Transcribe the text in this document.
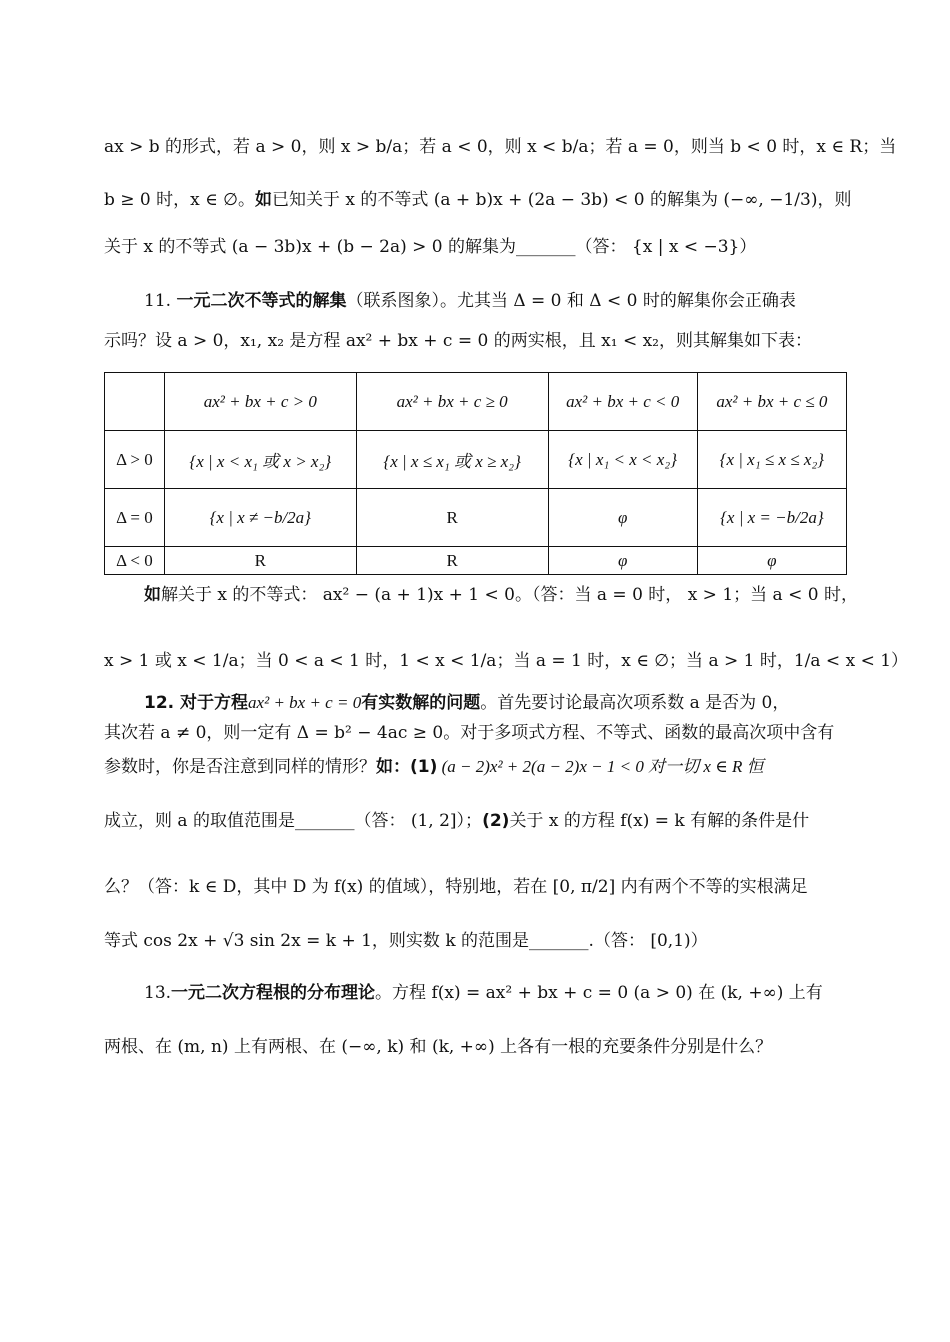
ax > b 的形式，若 a > 0，则 x > b/a；若 a < 0，则 x < b/a；若 a = 0，则当 b < 0 时，x ∈ R；当
b ≥ 0 时，x ∈ ∅。如已知关于 x 的不等式 (a + b)x + (2a − 3b) < 0 的解集为 (−∞, −1/3)，则
关于 x 的不等式 (a − 3b)x + (b − 2a) > 0 的解集为_______（答： {x | x < −3}）
11. 一元二次不等式的解集（联系图象）。尤其当 Δ = 0 和 Δ < 0 时的解集你会正确表
示吗？设 a > 0，x₁, x₂ 是方程 ax² + bx + c = 0 的两实根，且 x₁ < x₂，则其解集如下表：
	ax² + bx + c > 0	ax² + bx + c ≥ 0	ax² + bx + c < 0	ax² + bx + c ≤ 0
Δ > 0	{x | x < x₁ 或 x > x₂}	{x | x ≤ x₁ 或 x ≥ x₂}	{x | x₁ < x < x₂}	{x | x₁ ≤ x ≤ x₂}
Δ = 0	{x | x ≠ −b/2a}	R	φ	{x | x = −b/2a}
Δ < 0	R	R	φ	φ
如解关于 x 的不等式： ax² − (a + 1)x + 1 < 0。（答：当 a = 0 时， x > 1；当 a < 0 时，
x > 1 或 x < 1/a；当 0 < a < 1 时，1 < x < 1/a；当 a = 1 时，x ∈ ∅；当 a > 1 时，1/a < x < 1）
12. 对于方程ax² + bx + c = 0有实数解的问题。首先要讨论最高次项系数 a 是否为 0，
其次若 a ≠ 0，则一定有 Δ = b² − 4ac ≥ 0。对于多项式方程、不等式、函数的最高次项中含有
参数时，你是否注意到同样的情形？如：(1) (a − 2)x² + 2(a − 2)x − 1 < 0 对一切 x ∈ R 恒
成立，则 a 的取值范围是_______（答： (1, 2]）；(2)关于 x 的方程 f(x) = k 有解的条件是什
么？（答：k ∈ D，其中 D 为 f(x) 的值域），特别地，若在 [0, π/2] 内有两个不等的实根满足
等式 cos 2x + √3 sin 2x = k + 1，则实数 k 的范围是_______.（答： [0,1)）
13.一元二次方程根的分布理论。方程 f(x) = ax² + bx + c = 0 (a > 0) 在 (k, +∞) 上有
两根、在 (m, n) 上有两根、在 (−∞, k) 和 (k, +∞) 上各有一根的充要条件分别是什么？
